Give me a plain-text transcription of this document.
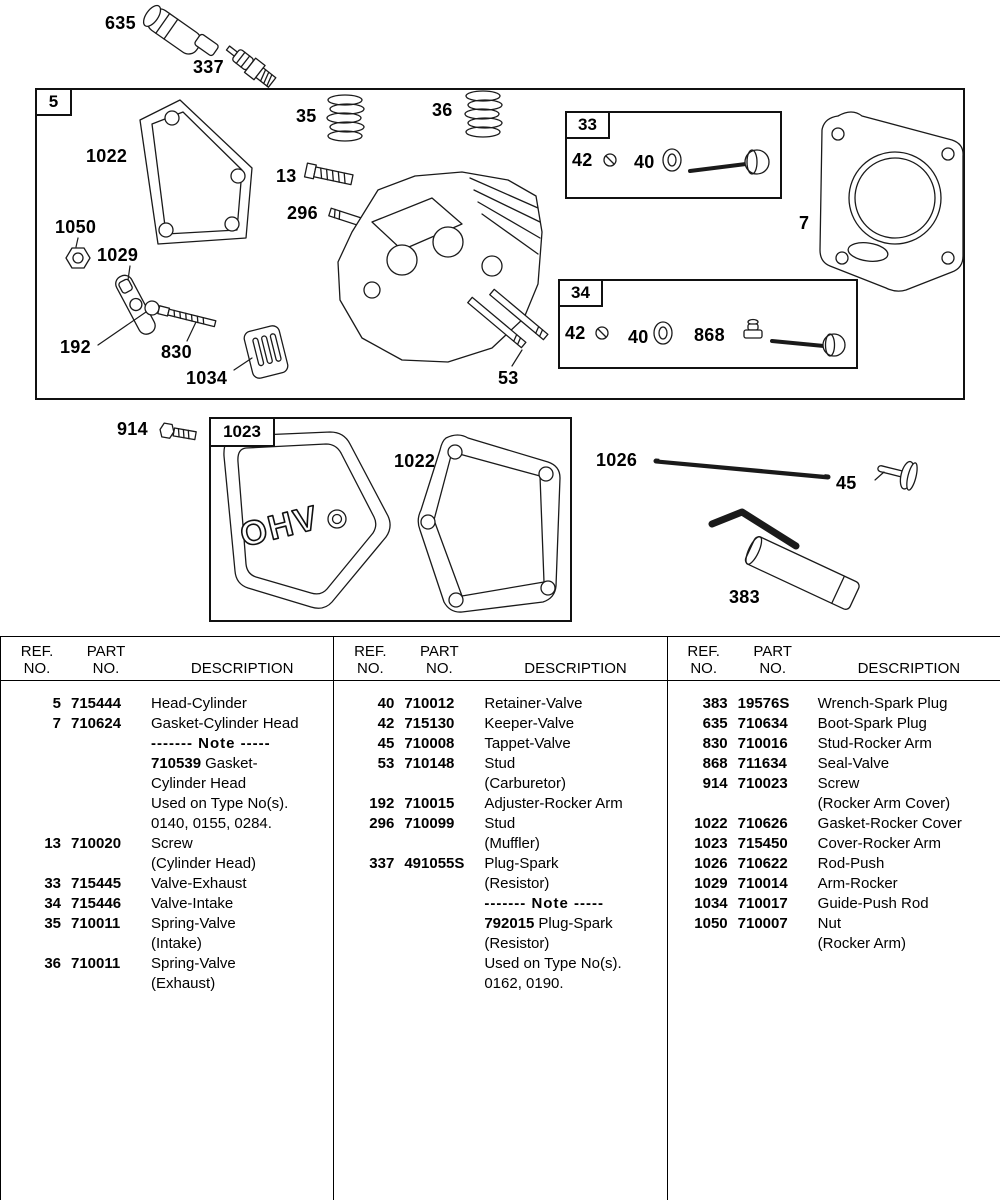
OHV
5
33
34
1023
635
337
35	36
1022
13
296
42 40
7
1050
1029
192	830
1034	53
42 40	868
914
1022	1026
45
383
REF.	PART
NO.	NO.	DESCRIPTION
5 715444	Head-Cylinder
7 710624	Gasket-Cylinder Head
------- Note -----
710539 Gasket-
Cylinder Head
Used on Type No(s).
0140, 0155, 0284.
13 710020	Screw
(Cylinder Head)
33 715445	Valve-Exhaust
34 715446	Valve-Intake
35 710011	Spring-Valve
(Intake)
36 710011	Spring-Valve
(Exhaust)
REF.	PART
NO.	NO.	DESCRIPTION
40 710012	Retainer-Valve
42 715130	Keeper-Valve
45 710008	Tappet-Valve
53 710148	Stud
(Carburetor)
192 710015	Adjuster-Rocker Arm
296 710099	Stud
(Muffler)
337 491055S	Plug-Spark
(Resistor)
------- Note -----
792015 Plug-Spark
(Resistor)
Used on Type No(s).
0162, 0190.
REF.	PART
NO.	NO.	DESCRIPTION
383 19576S	Wrench-Spark Plug
635 710634	Boot-Spark Plug
830 710016	Stud-Rocker Arm
868 711634	Seal-Valve
914 710023	Screw
(Rocker Arm Cover)
1022 710626	Gasket-Rocker Cover
1023 715450	Cover-Rocker Arm
1026 710622	Rod-Push
1029 710014	Arm-Rocker
1034 710017	Guide-Push Rod
1050 710007	Nut
(Rocker Arm)
